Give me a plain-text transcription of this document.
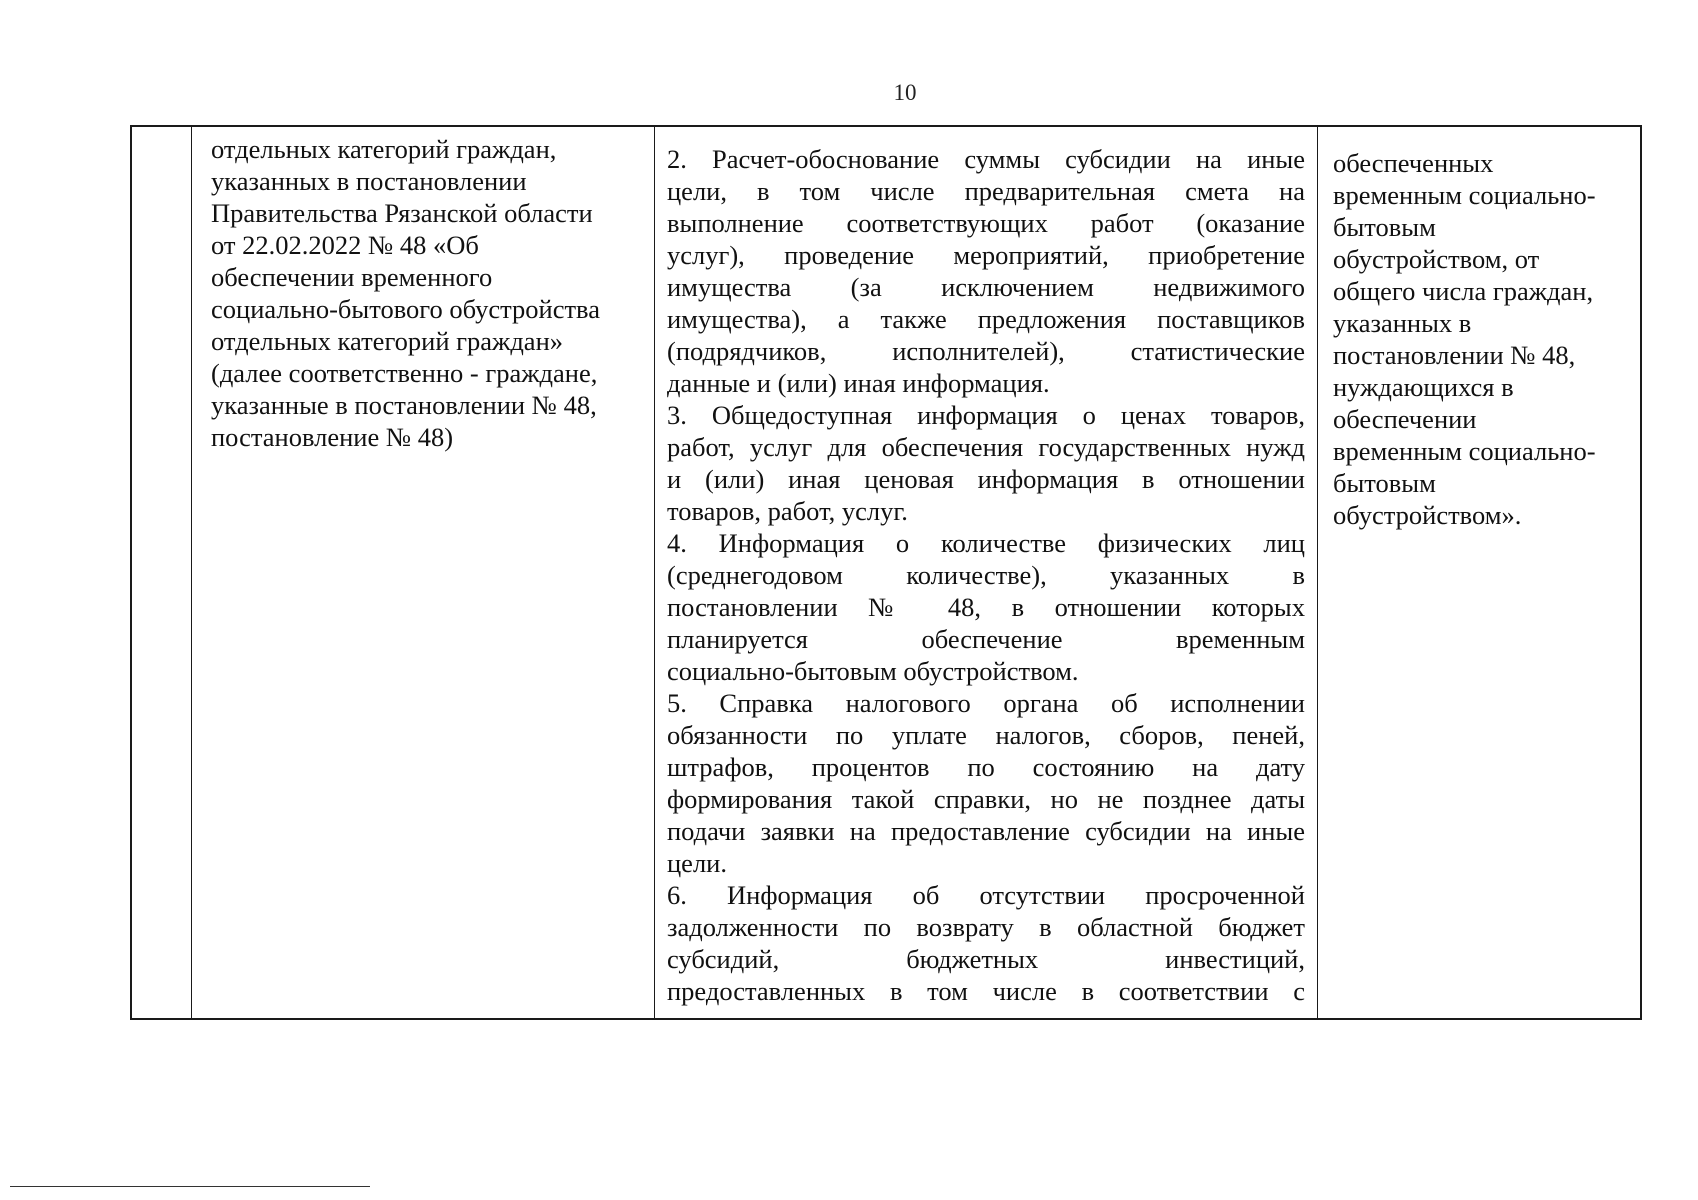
10
отдельных категорий граждан,
указанных в постановлении
Правительства Рязанской области
от 22.02.2022 № 48 «Об
обеспечении временного
социально-бытового обустройства
отдельных категорий граждан»
(далее соответственно - граждане,
указанные в постановлении № 48,
постановление № 48)
2. Расчет-обоснование суммы субсидии на иные
цели, в том числе предварительная смета на
выполнение соответствующих работ (оказание
услуг), проведение мероприятий, приобретение
имущества (за исключением недвижимого
имущества), а также предложения поставщиков
(подрядчиков, исполнителей), статистические
данные и (или) иная информация.
3. Общедоступная информация о ценах товаров,
работ, услуг для обеспечения государственных нужд
и (или) иная ценовая информация в отношении
товаров, работ, услуг.
4. Информация о количестве физических лиц
(среднегодовом количестве), указанных в
постановлении № 48, в отношении которых
планируется обеспечение временным
социально-бытовым обустройством.
5. Справка налогового органа об исполнении
обязанности по уплате налогов, сборов, пеней,
штрафов, процентов по состоянию на дату
формирования такой справки, но не позднее даты
подачи заявки на предоставление субсидии на иные
цели.
6. Информация об отсутствии просроченной
задолженности по возврату в областной бюджет
субсидий, бюджетных инвестиций,
предоставленных в том числе в соответствии с
обеспеченных
временным социально-
бытовым
обустройством, от
общего числа граждан,
указанных в
постановлении № 48,
нуждающихся в
обеспечении
временным социально-
бытовым
обустройством».
